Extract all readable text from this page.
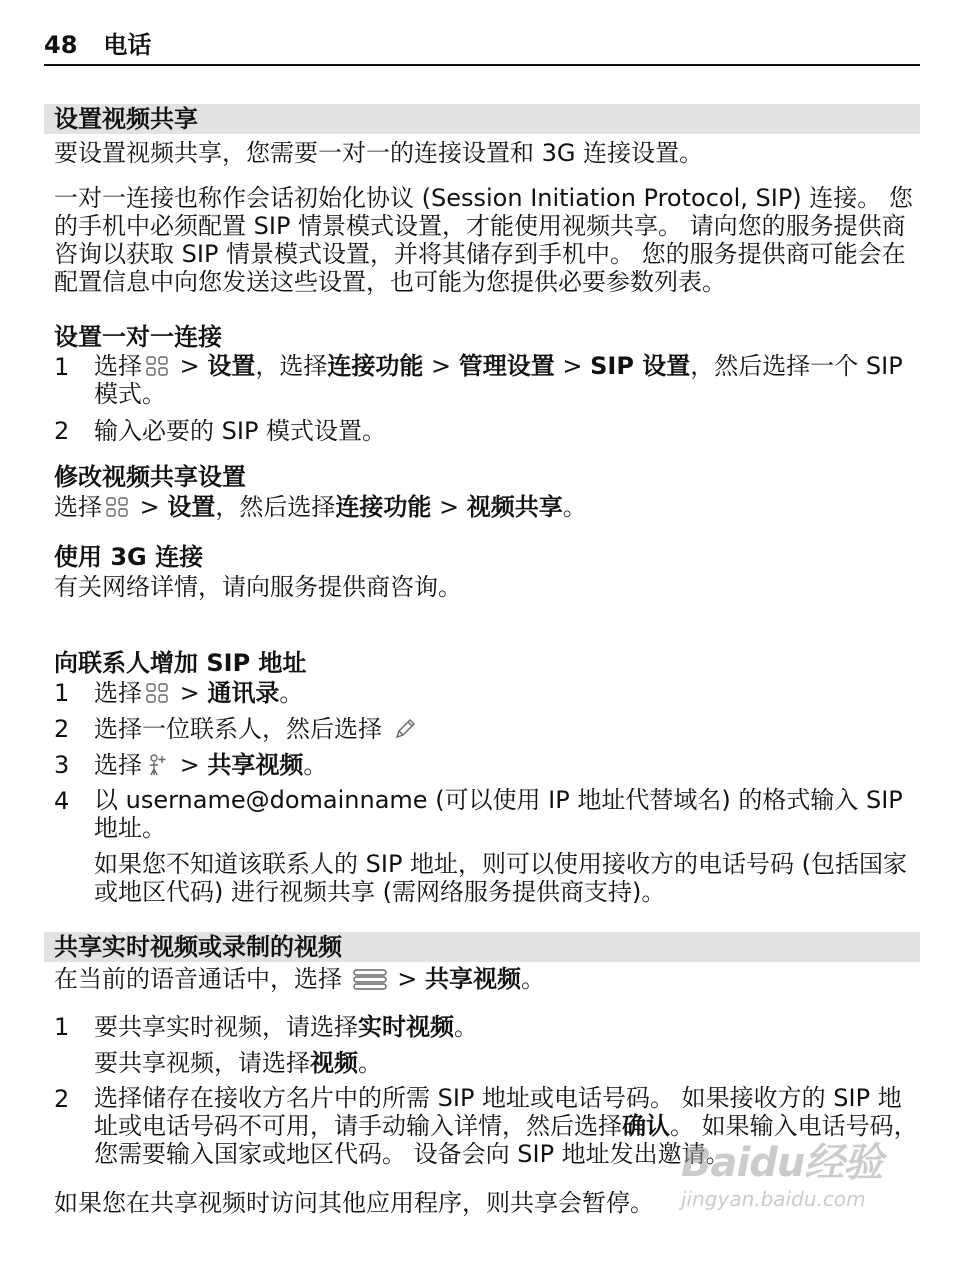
48 电话
设置视频共享

要设置视频共享，您需要一对一的连接设置和 3G 连接设置。

一对一连接也称作会话初始化协议 (Session Initiation Protocol, SIP) 连接。 您的手机中必须配置 SIP 情景模式设置，才能使用视频共享。 请向您的服务提供商咨询以获取 SIP 情景模式设置，并将其储存到手机中。 您的服务提供商可能会在配置信息中向您发送这些设置，也可能为您提供必要参数列表。

设置一对一连接
1	选择 > 设置，选择连接功能 > 管理设置 > SIP 设置，然后选择一个 SIP 模式。
2	输入必要的 SIP 模式设置。
修改视频共享设置

选择 > 设置，然后选择连接功能 > 视频共享。

使用 3G 连接

有关网络详情，请向服务提供商咨询。

向联系人增加 SIP 地址
1	选择 > 通讯录。
2	选择一位联系人，然后选择
3	选择 > 共享视频。
4	以 username@domainname (可以使用 IP 地址代替域名) 的格式输入 SIP 地址。

如果您不知道该联系人的 SIP 地址，则可以使用接收方的电话号码 (包括国家或地区代码) 进行视频共享 (需网络服务提供商支持)。

共享实时视频或录制的视频

在当前的语音通话中，选择  > 共享视频。

1	要共享实时视频，请选择实时视频。

要共享视频，请选择视频。

2	选择储存在接收方名片中的所需 SIP 地址或电话号码。 如果接收方的 SIP 地址或电话号码不可用，请手动输入详情，然后选择确认。 如果输入电话号码，您需要输入国家或地区代码。 设备会向 SIP 地址发出邀请。

如果您在共享视频时访问其他应用程序，则共享会暂停。

Baidu经验
jingyan.baidu.com
